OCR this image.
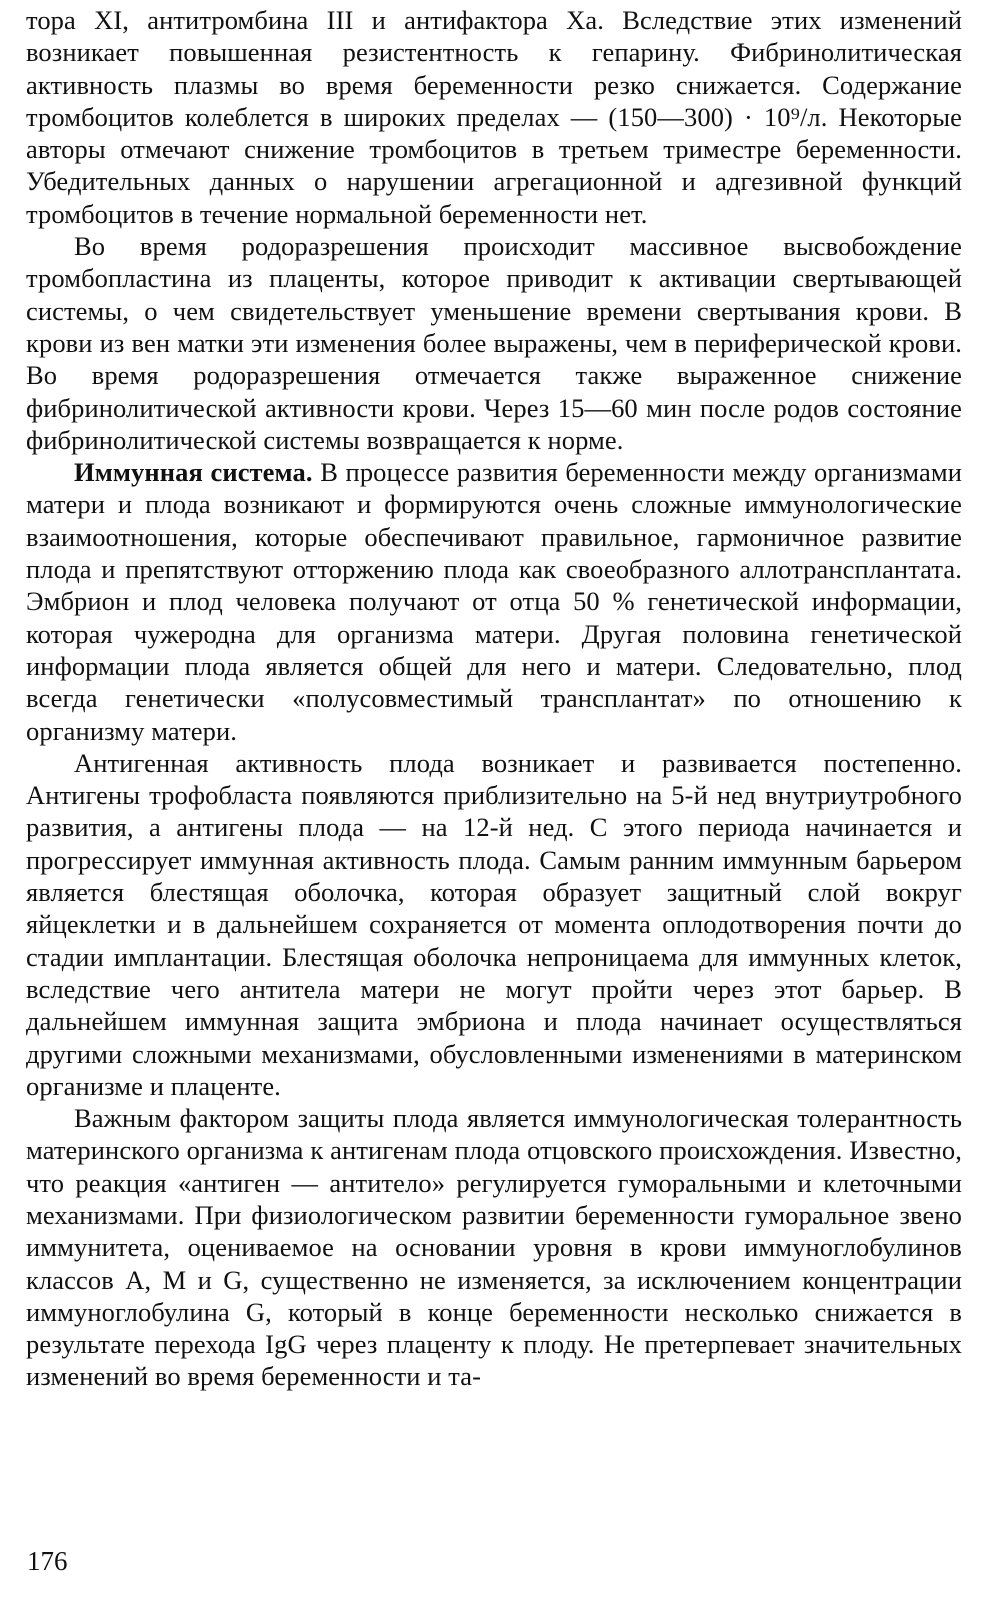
тора XI, антитромбина III и антифактора Xa. Вследствие этих изменений возникает повышенная резистентность к гепарину. Фибринолитическая активность плазмы во время беременности резко снижается. Содержание тромбоцитов колеблется в широких пределах — (150—300) · 10⁹/л. Некоторые авторы отмечают снижение тромбоцитов в третьем триместре беременности. Убедительных данных о нарушении агрегационной и адгезивной функций тромбоцитов в течение нормальной беременности нет.

Во время родоразрешения происходит массивное высвобождение тромбопластина из плаценты, которое приводит к активации свертывающей системы, о чем свидетельствует уменьшение времени свертывания крови. В крови из вен матки эти изменения более выражены, чем в периферической крови. Во время родоразрешения отмечается также выраженное снижение фибринолитической активности крови. Через 15—60 мин после родов состояние фибринолитической системы возвращается к норме.

Иммунная система. В процессе развития беременности между организмами матери и плода возникают и формируются очень сложные иммунологические взаимоотношения, которые обеспечивают правильное, гармоничное развитие плода и препятствуют отторжению плода как своеобразного аллотрансплантата. Эмбрион и плод человека получают от отца 50 % генетической информации, которая чужеродна для организма матери. Другая половина генетической информации плода является общей для него и матери. Следовательно, плод всегда генетически «полусовместимый трансплантат» по отношению к организму матери.

Антигенная активность плода возникает и развивается постепенно. Антигены трофобласта появляются приблизительно на 5-й нед внутриутробного развития, а антигены плода — на 12-й нед. С этого периода начинается и прогрессирует иммунная активность плода. Самым ранним иммунным барьером является блестящая оболочка, которая образует защитный слой вокруг яйцеклетки и в дальнейшем сохраняется от момента оплодотворения почти до стадии имплантации. Блестящая оболочка непроницаема для иммунных клеток, вследствие чего антитела матери не могут пройти через этот барьер. В дальнейшем иммунная защита эмбриона и плода начинает осуществляться другими сложными механизмами, обусловленными изменениями в материнском организме и плаценте.

Важным фактором защиты плода является иммунологическая толерантность материнского организма к антигенам плода отцовского происхождения. Известно, что реакция «антиген — антитело» регулируется гуморальными и клеточными механизмами. При физиологическом развитии беременности гуморальное звено иммунитета, оцениваемое на основании уровня в крови иммуноглобулинов классов A, M и G, существенно не изменяется, за исключением концентрации иммуноглобулина G, который в конце беременности несколько снижается в результате перехода IgG через плаценту к плоду. Не претерпевает значительных изменений во время беременности и та-

176
